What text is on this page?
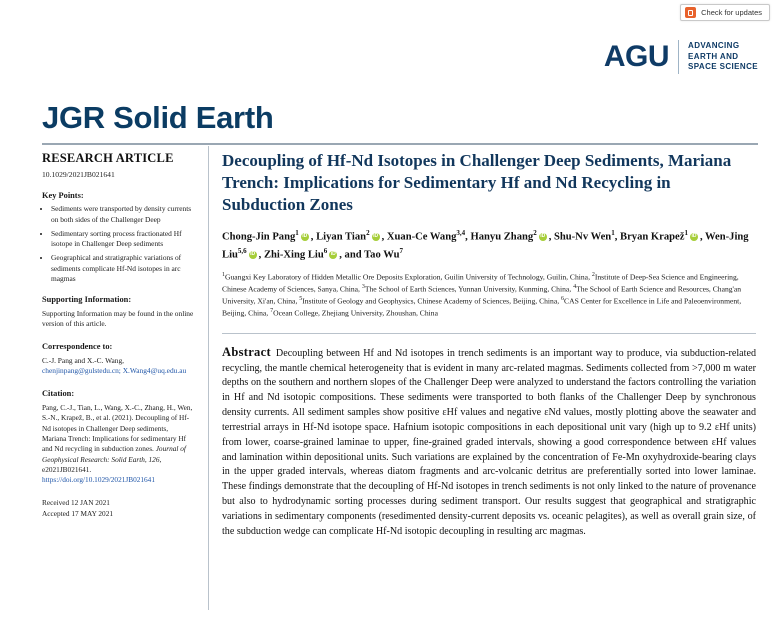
Check for updates
AGU ADVANCING
EARTH AND
SPACE SCIENCE
JGR Solid Earth
RESEARCH ARTICLE
10.1029/2021JB021641
Key Points:
• Sediments were transported by density currents on both sides of the Challenger Deep
• Sedimentary sorting process fractionated Hf isotope in Challenger Deep sediments
• Geographical and stratigraphic variations of sediments complicate Hf-Nd isotopes in arc magmas
Supporting Information:

Supporting Information may be found in the online version of this article.

Correspondence to:

C.-J. Pang and X.-C. Wang,

chenjinpang@gulstedu.cn; X.Wang4@uq.edu.au

Citation:

Pang, C.-J., Tian, L., Wang, X.-C., Zhang, H., Wen, S.-N., Krapež, B., et al. (2021). Decoupling of Hf-Nd isotopes in Challenger Deep sediments, Mariana Trench: Implications for sedimentary Hf and Nd recycling in subduction zones. Journal of Geophysical Research: Solid Earth, 126, e2021JB021641.

https://doi.org/10.1029/2021JB021641

Received 12 JAN 2021
Accepted 17 MAY 2021
Decoupling of Hf-Nd Isotopes in Challenger Deep Sediments, Mariana Trench: Implications for Sedimentary Hf and Nd Recycling in Subduction Zones
Chong-Jin Pang$^1$ iD , Liyan Tian$^2$ iD , Xuan-Ce Wang$^{3,4}$, Hanyu Zhang$^2$ iD , Shu-Nv Wen$^1$, Bryan Krapež$^1$ iD , Wen-Jing Liu$^{5,6}$ iD , Zhi-Xing Liu$^6$ iD , and Tao Wu$^7$
$^1$Guangxi Key Laboratory of Hidden Metallic Ore Deposits Exploration, Guilin University of Technology, Guilin, China, $^2$Institute of Deep-Sea Science and Engineering, Chinese Academy of Sciences, Sanya, China, $^3$The School of Earth Sciences, Yunnan University, Kunming, China, $^4$The School of Earth Science and Resources, Chang'an University, Xi'an, China, $^5$Institute of Geology and Geophysics, Chinese Academy of Sciences, Beijing, China, $^6$CAS Center for Excellence in Life and Paleoenvironment, Beijing, China, $^7$Ocean College, Zhejiang University, Zhoushan, China
Abstract Decoupling between Hf and Nd isotopes in trench sediments is an important way to produce, via subduction-related recycling, the mantle chemical heterogeneity that is evident in many arc-related magmas. Sediments collected from >7,000 m water depths on the southern and northern slopes of the Challenger Deep were analyzed to understand the factors controlling the variation in Hf and Nd isotopic compositions. These sediments were transported to both flanks of the Challenger Deep by synchronous density currents. All sediment samples show positive εHf values and negative εNd values, mostly plotting above the seawater and terrestrial arrays in Hf-Nd isotope space. Hafnium isotopic compositions in each depositional unit vary (high up to 9.2 εHf units) from lower, coarse-grained laminae to upper, fine-grained graded intervals, showing a good correspondence between εHf values and lamination within depositional units. Such variations are explained by the concentration of Fe-Mn oxyhydroxide-bearing clays in the upper graded intervals, whereas diatom fragments and arc-volcanic detritus are preferentially sorted into lower laminae. These findings demonstrate that the decoupling of Hf-Nd isotopes in trench sediments is not only linked to the nature of provenance but also to hydrodynamic sorting processes during sediment transport. Our results suggest that geographical and stratigraphic variations in sedimentary components (resedimented density-current deposits vs. oceanic pelagites), as well as overall grain size, of the subduction wedge can complicate Hf-Nd isotopic decoupling in resulting arc magmas.
